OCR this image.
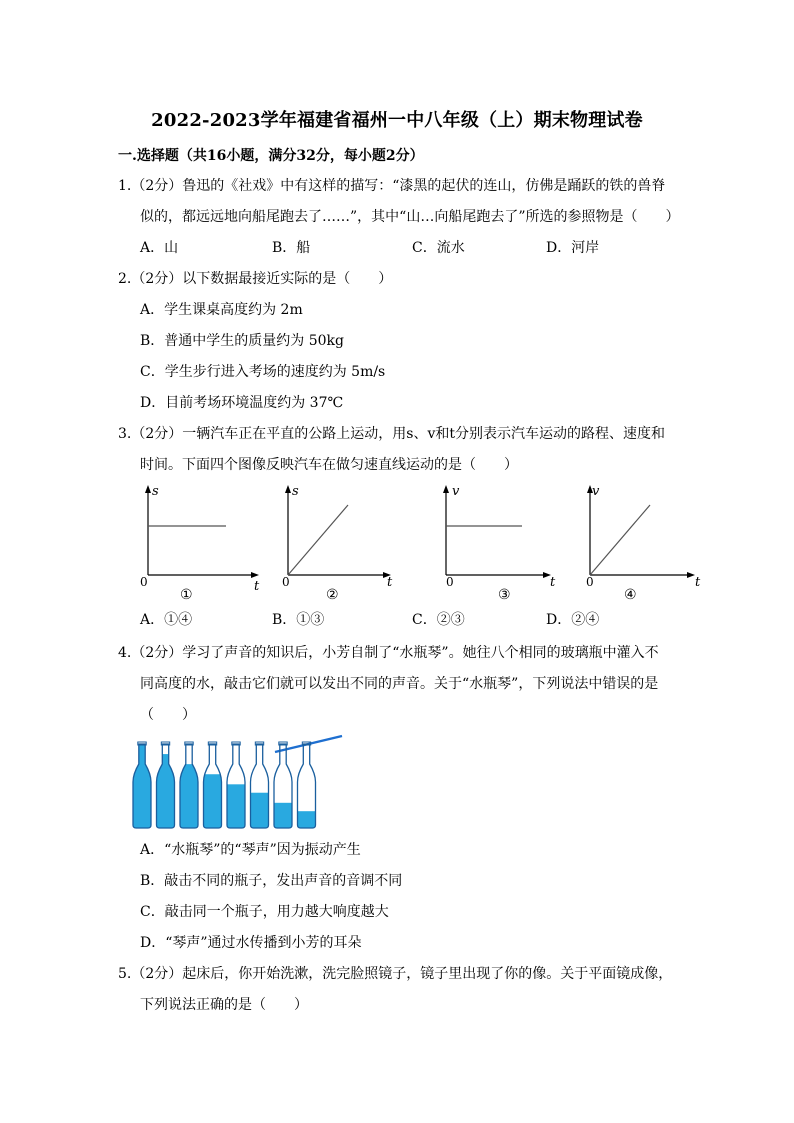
2022-2023学年福建省福州一中八年级（上）期末物理试卷
一.选择题（共16小题，满分32分，每小题2分）
1.（2分）鲁迅的《社戏》中有这样的描写：“漆黑的起伏的连山，仿佛是踊跃的铁的兽脊
似的，都远远地向船尾跑去了……”，其中“山…向船尾跑去了”所选的参照物是（　　）
A．山	B．船	C．流水	D．河岸
2.（2分）以下数据最接近实际的是（　　）
A．学生课桌高度约为 2m
B．普通中学生的质量约为 50kg
C．学生步行进入考场的速度约为 5m/s
D．目前考场环境温度约为 37℃
3.（2分）一辆汽车正在平直的公路上运动，用s、v和t分别表示汽车运动的路程、速度和
时间。下面四个图像反映汽车在做匀速直线运动的是（　　）
s
t
0
①
s
t
0
②
v
t
0
③
v
t
0
④
A．①④	B．①③	C．②③	D．②④
4.（2分）学习了声音的知识后，小芳自制了“水瓶琴”。她往八个相同的玻璃瓶中灌入不
同高度的水，敲击它们就可以发出不同的声音。关于“水瓶琴”，下列说法中错误的是
（　　）
A．“水瓶琴”的“琴声”因为振动产生
B．敲击不同的瓶子，发出声音的音调不同
C．敲击同一个瓶子，用力越大响度越大
D．“琴声”通过水传播到小芳的耳朵
5.（2分）起床后，你开始洗漱，洗完脸照镜子，镜子里出现了你的像。关于平面镜成像，
下列说法正确的是（　　）
